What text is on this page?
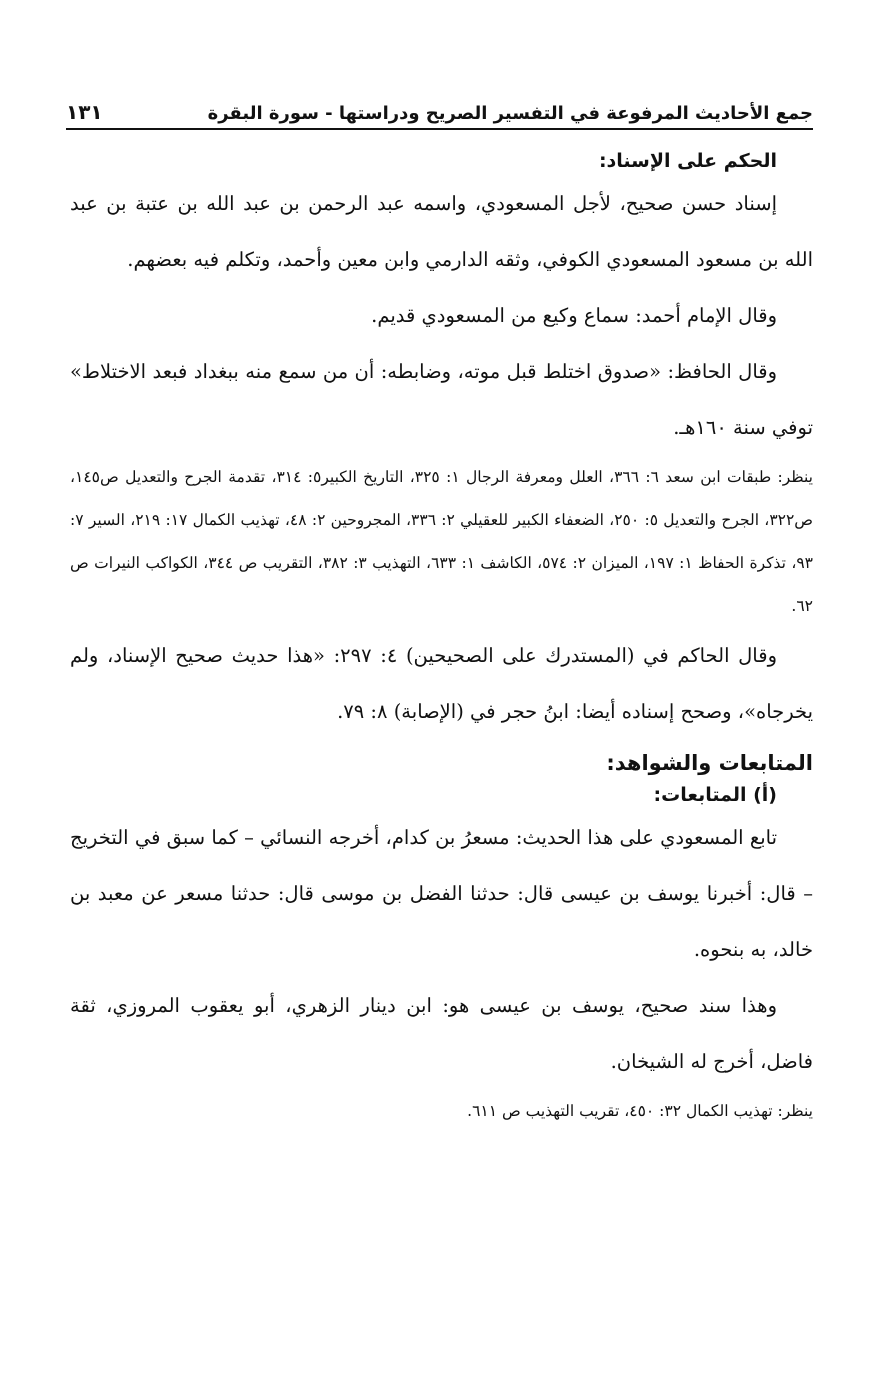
جمع الأحاديث المرفوعة في التفسير الصريح ودراستها - سورة البقرة
١٣١
الحكم على الإسناد:

إسناد حسن صحيح، لأجل المسعودي، واسمه عبد الرحمن بن عبد الله بن عتبة بن عبد الله بن مسعود المسعودي الكوفي، وثقه الدارمي وابن معين وأحمد، وتكلم فيه بعضهم.

وقال الإمام أحمد: سماع وكيع من المسعودي قديم.

وقال الحافظ: «صدوق اختلط قبل موته، وضابطه: أن من سمع منه ببغداد فبعد الاختلاط» توفي سنة ١٦٠هـ.

ينظر: طبقات ابن سعد ٦: ٣٦٦، العلل ومعرفة الرجال ١: ٣٢٥، التاريخ الكبير٥: ٣١٤، تقدمة الجرح والتعديل ص١٤٥، ص٣٢٢، الجرح والتعديل ٥: ٢٥٠، الضعفاء الكبير للعقيلي ٢: ٣٣٦، المجروحين ٢: ٤٨، تهذيب الكمال ١٧: ٢١٩، السير ٧: ٩٣، تذكرة الحفاظ ١: ١٩٧، الميزان ٢: ٥٧٤، الكاشف ١: ٦٣٣، التهذيب ٣: ٣٨٢، التقريب ص ٣٤٤، الكواكب النيرات ص ٦٢.

وقال الحاكم في (المستدرك على الصحيحين) ٤: ٢٩٧: «هذا حديث صحيح الإسناد، ولم يخرجاه»، وصحح إسناده أيضا: ابنُ حجر في (الإصابة) ٨: ٧٩.

المتابعات والشواهد:
(أ) المتابعات:

تابع المسعودي على هذا الحديث: مسعرُ بن كدام، أخرجه النسائي – كما سبق في التخريج – قال: أخبرنا يوسف بن عيسى قال: حدثنا الفضل بن موسى قال: حدثنا مسعر عن معبد بن خالد، به بنحوه.

وهذا سند صحيح، يوسف بن عيسى هو: ابن دينار الزهري، أبو يعقوب المروزي، ثقة فاضل، أخرج له الشيخان.

ينظر: تهذيب الكمال ٣٢: ٤٥٠، تقريب التهذيب ص ٦١١.
